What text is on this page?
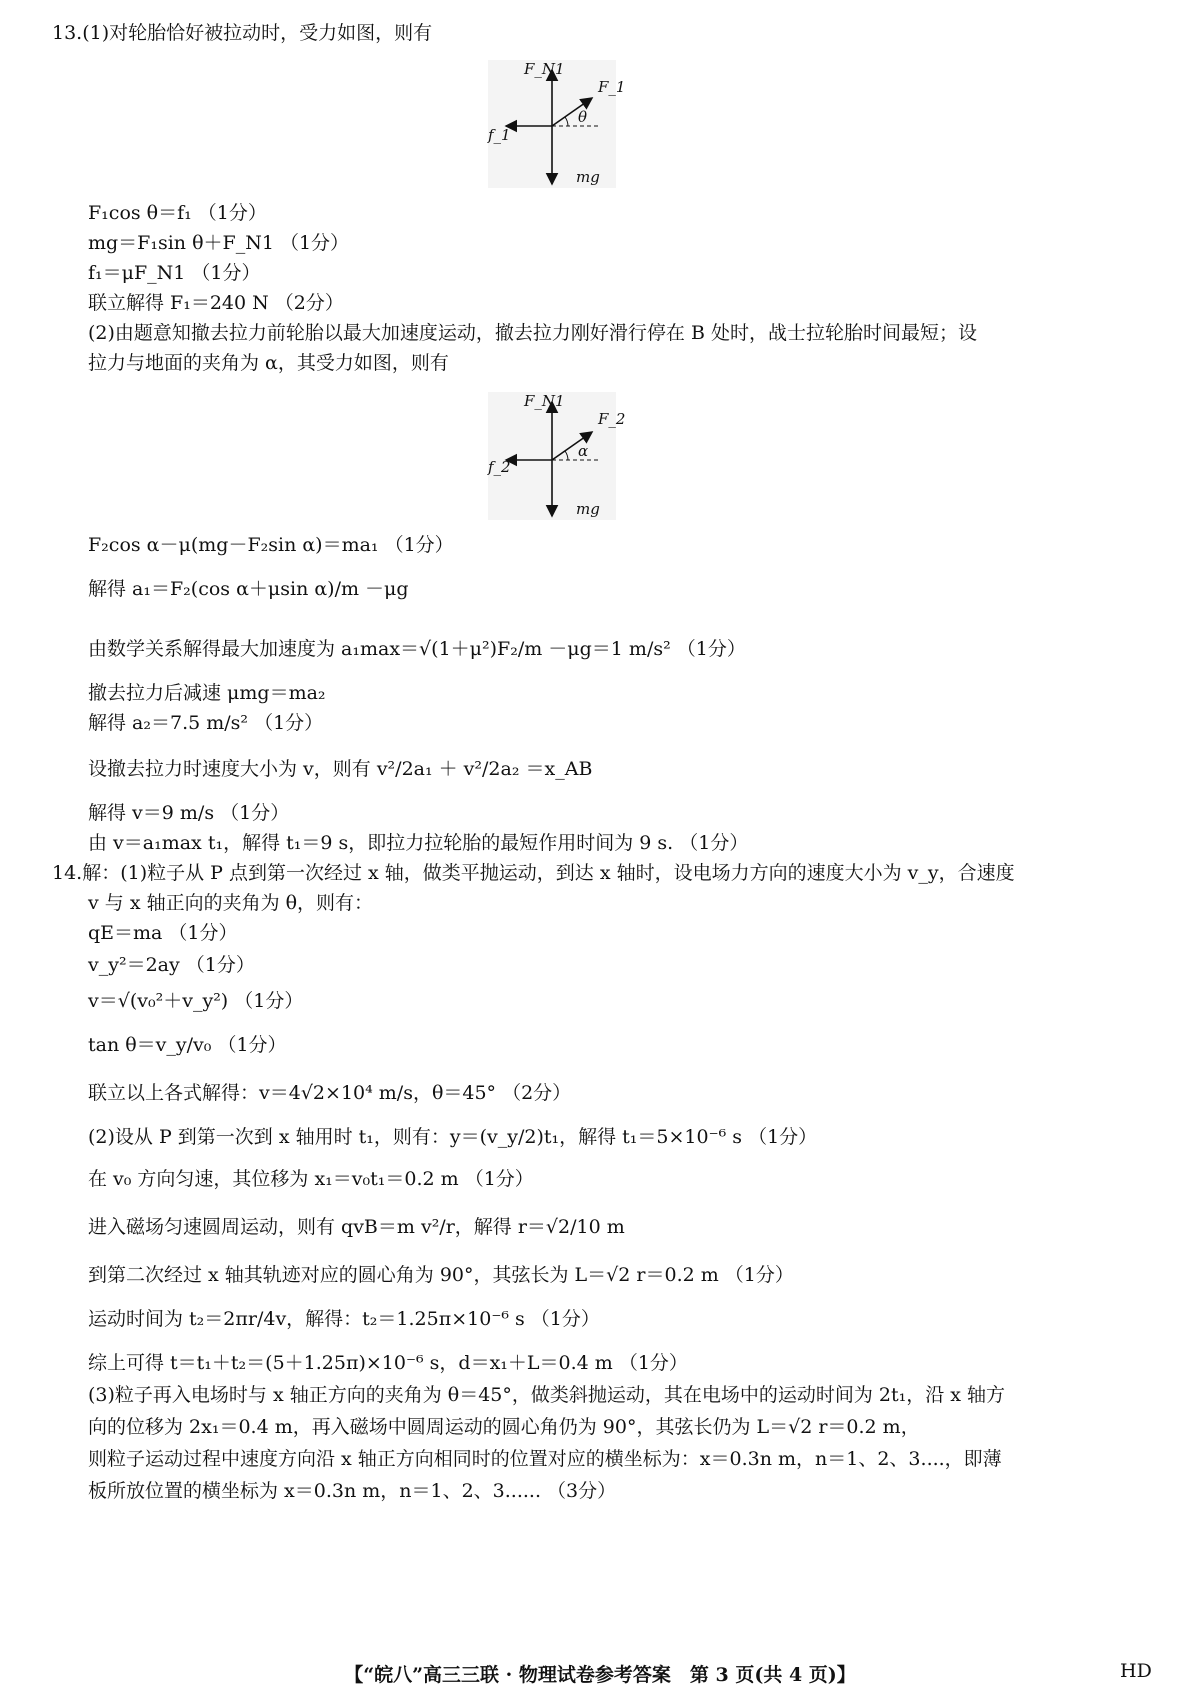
13.(1)对轮胎恰好被拉动时，受力如图，则有
F_N1
F_1
θ
f_1
mg
F₁cos θ＝f₁ （1分）
mg＝F₁sin θ＋F_N1 （1分）
f₁＝μF_N1 （1分）
联立解得 F₁＝240 N （2分）
(2)由题意知撤去拉力前轮胎以最大加速度运动，撤去拉力刚好滑行停在 B 处时，战士拉轮胎时间最短；设
拉力与地面的夹角为 α，其受力如图，则有
F_N1
F_2
α
f_2
mg
F₂cos α－μ(mg－F₂sin α)＝ma₁ （1分）
解得 a₁＝F₂(cos α＋μsin α)/m －μg
由数学关系解得最大加速度为 a₁max＝√(1＋μ²)F₂/m －μg＝1 m/s² （1分）
撤去拉力后减速 μmg＝ma₂
解得 a₂＝7.5 m/s² （1分）
设撤去拉力时速度大小为 v，则有 v²/2a₁ ＋ v²/2a₂ ＝x_AB
解得 v＝9 m/s （1分）
由 v＝a₁max t₁，解得 t₁＝9 s，即拉力拉轮胎的最短作用时间为 9 s. （1分）
14.解：(1)粒子从 P 点到第一次经过 x 轴，做类平抛运动，到达 x 轴时，设电场力方向的速度大小为 v_y，合速度
v 与 x 轴正向的夹角为 θ，则有：
qE＝ma （1分）
v_y²＝2ay （1分）
v＝√(v₀²＋v_y²) （1分）
tan θ＝v_y/v₀ （1分）
联立以上各式解得：v＝4√2×10⁴ m/s，θ＝45° （2分）
(2)设从 P 到第一次到 x 轴用时 t₁，则有：y＝(v_y/2)t₁，解得 t₁＝5×10⁻⁶ s （1分）
在 v₀ 方向匀速，其位移为 x₁＝v₀t₁＝0.2 m （1分）
进入磁场匀速圆周运动，则有 qvB＝m v²/r，解得 r＝√2/10 m
到第二次经过 x 轴其轨迹对应的圆心角为 90°，其弦长为 L＝√2 r＝0.2 m （1分）
运动时间为 t₂＝2πr/4v，解得：t₂＝1.25π×10⁻⁶ s （1分）
综上可得 t＝t₁＋t₂＝(5＋1.25π)×10⁻⁶ s，d＝x₁＋L＝0.4 m （1分）
(3)粒子再入电场时与 x 轴正方向的夹角为 θ＝45°，做类斜抛运动，其在电场中的运动时间为 2t₁，沿 x 轴方
向的位移为 2x₁＝0.4 m，再入磁场中圆周运动的圆心角仍为 90°，其弦长仍为 L＝√2 r＝0.2 m，
则粒子运动过程中速度方向沿 x 轴正方向相同时的位置对应的横坐标为：x＝0.3n m，n＝1、2、3....，即薄
板所放位置的横坐标为 x＝0.3n m，n＝1、2、3...... （3分）
【“皖八”高三三联 · 物理试卷参考答案　第 3 页(共 4 页)】	HD
